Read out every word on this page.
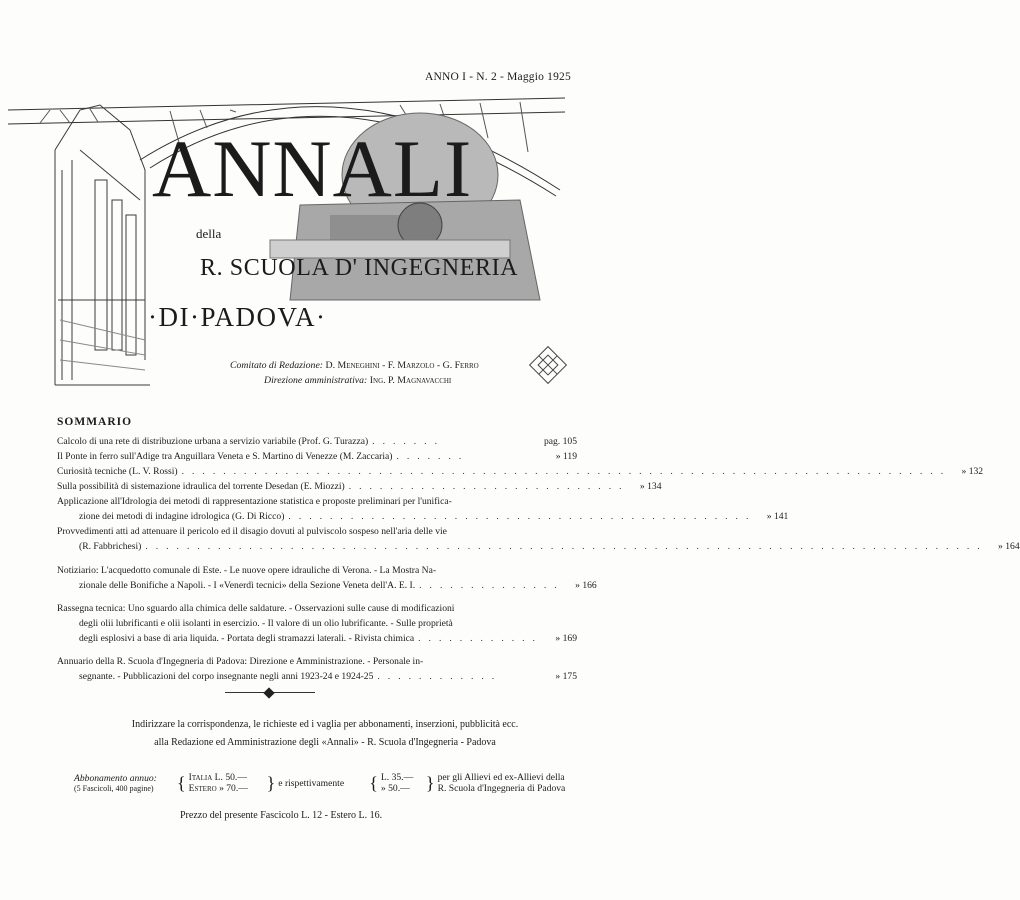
ANNO I - N. 2 - Maggio 1925
ANNALI
della
R. SCUOLA D' INGEGNERIA
·DI·PADOVA·
Comitato di Redazione: D. Meneghini - F. Marzolo - G. Ferro
Direzione amministrativa: Ing. P. Magnavacchi
SOMMARIO
Calcolo di una rete di distribuzione urbana a servizio variabile (Prof. G. Turazza) .......	pag. 105
Il Ponte in ferro sull'Adige tra Anguillara Veneta e S. Martino di Venezze (M. Zaccaria) .......	» 119
Curiosità tecniche (L. V. Rossi) ..........................................................................	» 132
Sulla possibilità di sistemazione idraulica del torrente Desedan (E. Miozzi) ...........................	» 134
Applicazione all'Idrologia dei metodi di rappresentazione statistica e proposte preliminari per l'unifica-
zione dei metodi di indagine idrologica (G. Di Ricco) .............................................	» 141
Provvedimenti atti ad attenuare il pericolo ed il disagio dovuti al pulviscolo sospeso nell'aria delle vie
(R. Fabbrichesi) .................................................................................	» 164
Notiziario: L'acquedotto comunale di Este. - Le nuove opere idrauliche di Verona. - La Mostra Na-
zionale delle Bonifiche a Napoli. - I «Venerdì tecnici» della Sezione Veneta dell'A. E. I. ..............	» 166
Rassegna tecnica: Uno sguardo alla chimica delle saldature. - Osservazioni sulle cause di modificazioni
degli olii lubrificanti e olii isolanti in esercizio. - Il valore di un olio lubrificante. - Sulle proprietà
degli esplosivi a base di aria liquida. - Portata degli stramazzi laterali. - Rivista chimica ............	» 169
Annuario della R. Scuola d'Ingegneria di Padova: Direzione e Amministrazione. - Personale in-
segnante. - Pubblicazioni del corpo insegnante negli anni 1923-24 e 1924-25 ............	» 175
Indirizzare la corrispondenza, le richieste ed i vaglia per abbonamenti, inserzioni, pubblicità ecc.
alla Redazione ed Amministrazione degli «Annali» - R. Scuola d'Ingegneria - Padova
Abbonamento annuo:
(5 Fascicoli, 400 pagine)	{ Italia L. 50.—
Estero » 70.—	} e rispettivamente	{ L. 35.—
» 50.— } per gli Allievi ed ex-Allievi della
R. Scuola d'Ingegneria di Padova
Prezzo del presente Fascicolo L. 12 - Estero L. 16.
